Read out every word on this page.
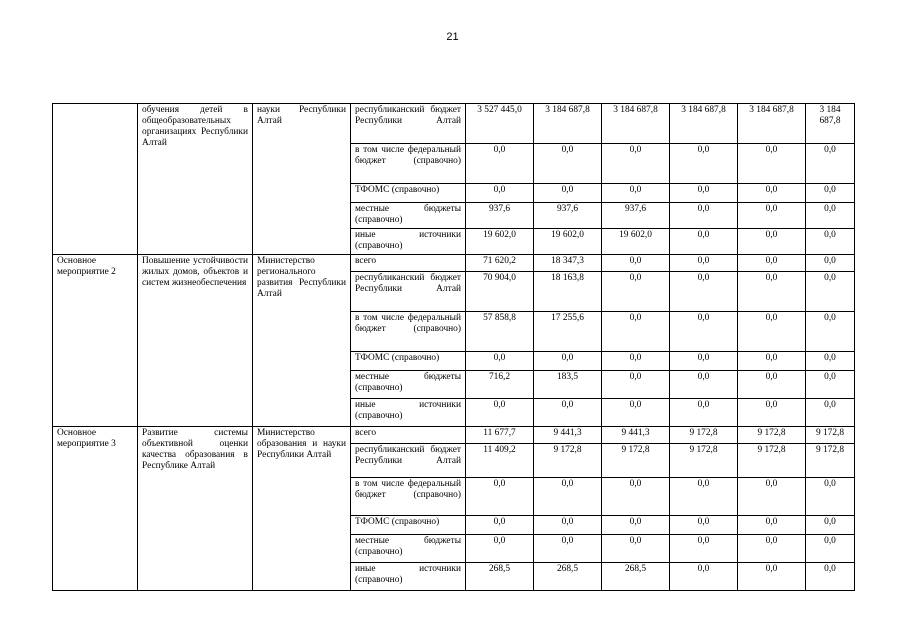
21
	обучения детей в общеобразовательных организациях Республики Алтай	науки Республики Алтай	республиканский бюджет Республики Алтай	3 527 445,0	3 184 687,8	3 184 687,8	3 184 687,8	3 184 687,8	3 184 687,8
			в том числе федеральный бюджет (справочно)	0,0	0,0	0,0	0,0	0,0	0,0
			ТФОМС (справочно)	0,0	0,0	0,0	0,0	0,0	0,0
			местные бюджеты (справочно)	937,6	937,6	937,6	0,0	0,0	0,0
			иные источники (справочно)	19 602,0	19 602,0	19 602,0	0,0	0,0	0,0
Основное мероприятие 2	Повышение устойчивости жилых домов, объектов и систем жизнеобеспечения	Министерство регионального развития Республики Алтай	всего	71 620,2	18 347,3	0,0	0,0	0,0	0,0
			республиканский бюджет Республики Алтай	70 904,0	18 163,8	0,0	0,0	0,0	0,0
			в том числе федеральный бюджет (справочно)	57 858,8	17 255,6	0,0	0,0	0,0	0,0
			ТФОМС (справочно)	0,0	0,0	0,0	0,0	0,0	0,0
			местные бюджеты (справочно)	716,2	183,5	0,0	0,0	0,0	0,0
			иные источники (справочно)	0,0	0,0	0,0	0,0	0,0	0,0
Основное мероприятие 3	Развитие системы объективной оценки качества образования в Республике Алтай	Министерство образования и науки Республики Алтай	всего	11 677,7	9 441,3	9 441,3	9 172,8	9 172,8	9 172,8
			республиканский бюджет Республики Алтай	11 409,2	9 172,8	9 172,8	9 172,8	9 172,8	9 172,8
			в том числе федеральный бюджет (справочно)	0,0	0,0	0,0	0,0	0,0	0,0
			ТФОМС (справочно)	0,0	0,0	0,0	0,0	0,0	0,0
			местные бюджеты (справочно)	0,0	0,0	0,0	0,0	0,0	0,0
			иные источники (справочно)	268,5	268,5	268,5	0,0	0,0	0,0
